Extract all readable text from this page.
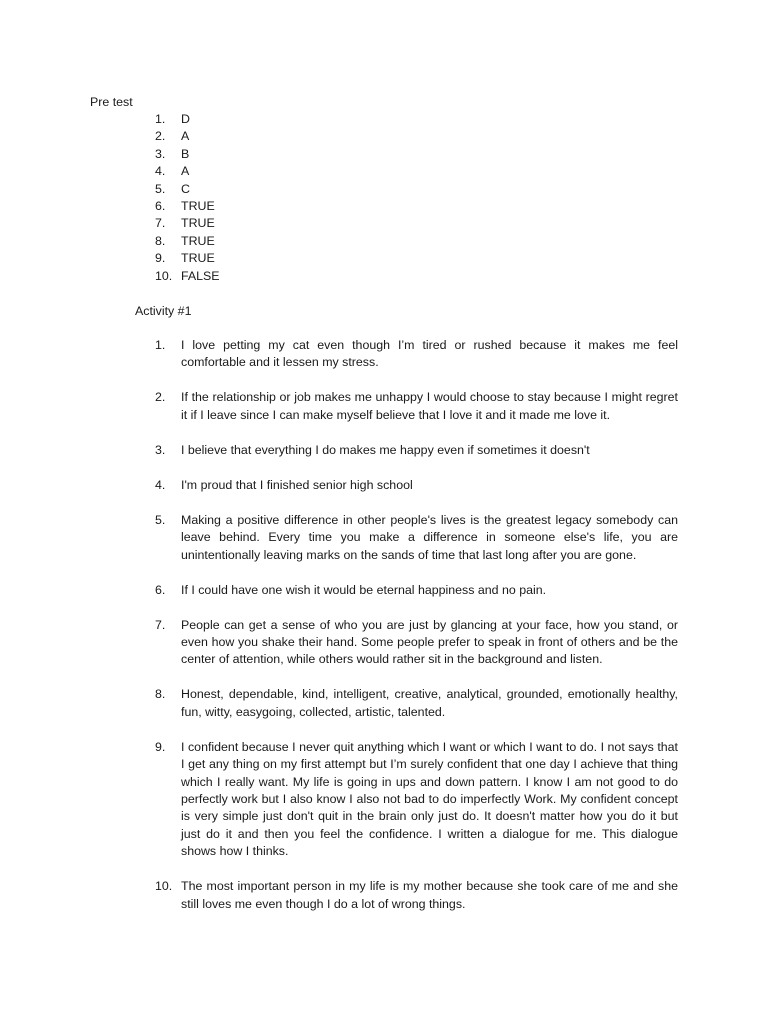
Pre test
1. D
2. A
3. B
4. A
5. C
6. TRUE
7. TRUE
8. TRUE
9. TRUE
10. FALSE
Activity #1
1.	I love petting my cat even though I’m tired or rushed because it makes me feel comfortable and it lessen my stress.
2.	If the relationship or job makes me unhappy I would choose to stay because I might regret it if I leave since I can make myself believe that I love it and it made me love it.
3.	I believe that everything I do makes me happy even if sometimes it doesn't
4.	I'm proud that I finished senior high school
5.	Making a positive difference in other people's lives is the greatest legacy somebody can leave behind. Every time you make a difference in someone else's life, you are unintentionally leaving marks on the sands of time that last long after you are gone.
6.	If I could have one wish it would be eternal happiness and no pain.
7.	People can get a sense of who you are just by glancing at your face, how you stand, or even how you shake their hand. Some people prefer to speak in front of others and be the center of attention, while others would rather sit in the background and listen.
8.	Honest, dependable, kind, intelligent, creative, analytical, grounded, emotionally healthy, fun, witty, easygoing, collected, artistic, talented.
9.	I confident because I never quit anything which I want or which I want to do. I not says that I get any thing on my first attempt but I’m surely confident that one day I achieve that thing which I really want. My life is going in ups and down pattern. I know I am not good to do perfectly work but I also know I also not bad to do imperfectly Work. My confident concept is very simple just don't quit in the brain only just do. It doesn't matter how you do it but just do it and then you feel the confidence. I written a dialogue for me. This dialogue shows how I thinks.
10. The most important person in my life is my mother because she took care of me and she still loves me even though I do a lot of wrong things.
